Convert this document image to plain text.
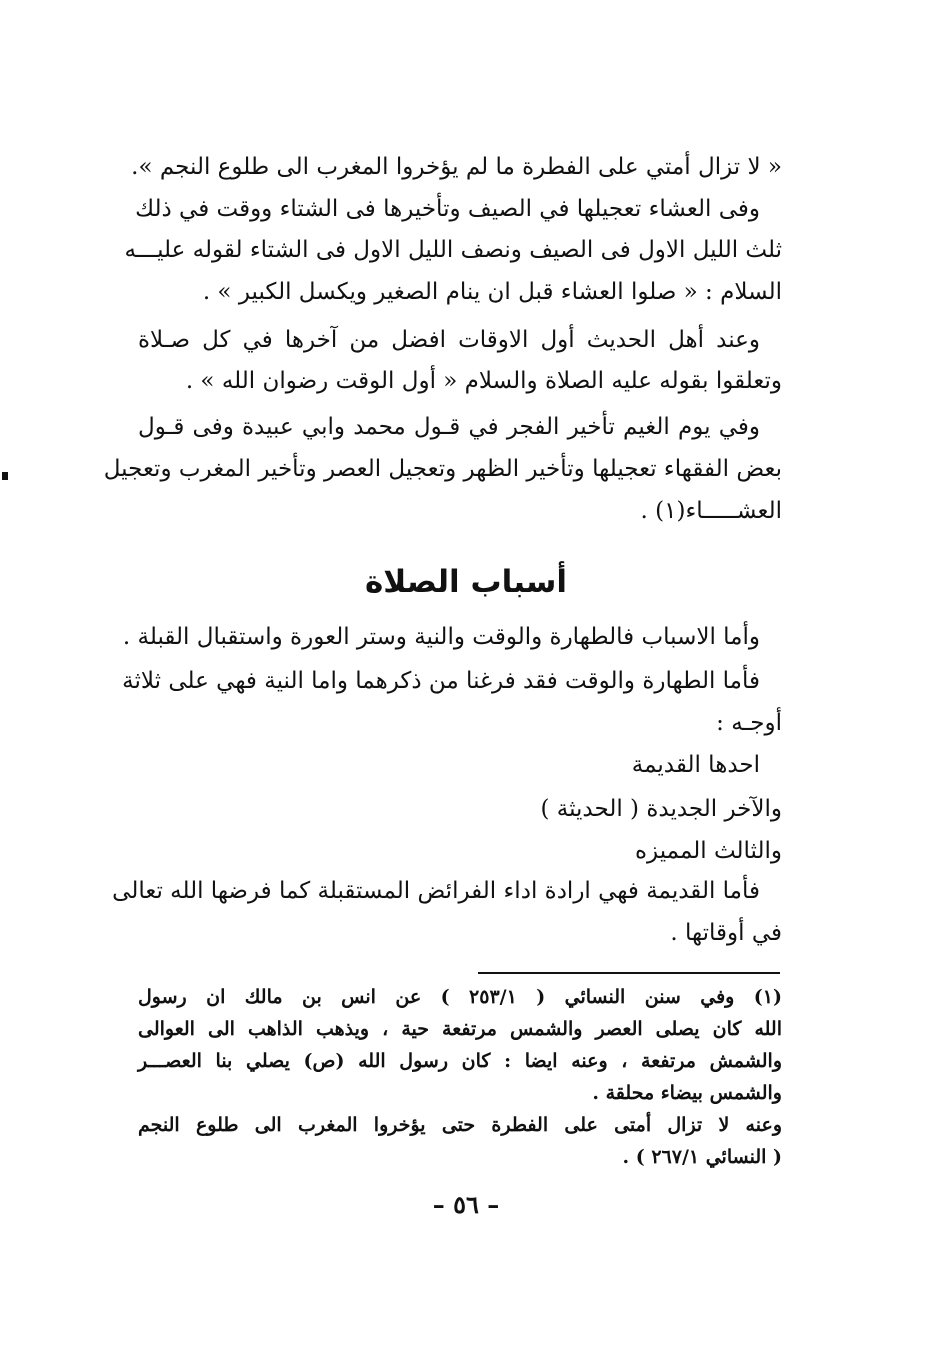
« لا تزال أمتي على الفطرة ما لم يؤخروا المغرب الى طلوع النجم ».
وفى العشاء تعجيلها في الصيف وتأخيرها فى الشتاء ووقت في ذلك
ثلث الليل الاول فى الصيف ونصف الليل الاول فى الشتاء لقوله عليـــه
السلام : « صلوا العشاء قبل ان ينام الصغير ويكسل الكبير » .
وعند أهل الحديث أول الاوقات افضل من آخرها في كل صـلاة
وتعلقوا بقوله عليه الصلاة والسلام « أول الوقت رضوان الله » .
وفي يوم الغيم تأخير الفجر في قـول محمد وابي عبيدة وفى قـول
بعض الفقهاء تعجيلها وتأخير الظهر وتعجيل العصر وتأخير المغرب وتعجيل
العشـــــاء(١) .
أسباب الصلاة
وأما الاسباب فالطهارة والوقت والنية وستر العورة واستقبال القبلة .
فأما الطهارة والوقت فقد فرغنا من ذكرهما واما النية فهي على ثلاثة
أوجـه :
احدها القديمة
والآخر الجديدة ( الحديثة )
والثالث المميزه
فأما القديمة فهي ارادة اداء الفرائض المستقبلة كما فرضها الله تعالى
في أوقاتها .
(١) وفي سنن النسائي ( ٢٥٣/١ ) عن انس بن مالك ان رسول
الله كان يصلى العصر والشمس مرتفعة حية ، ويذهب الذاهب الى العوالى
والشمش مرتفعة ، وعنه ايضا : كان رسول الله (ص) يصلي بنا العصـــر
والشمس بيضاء محلقة .
وعنه لا تزال أمتى على الفطرة حتى يؤخروا المغرب الى طلوع النجم
( النسائي ٢٦٧/١ ) .
– ٥٦ –
